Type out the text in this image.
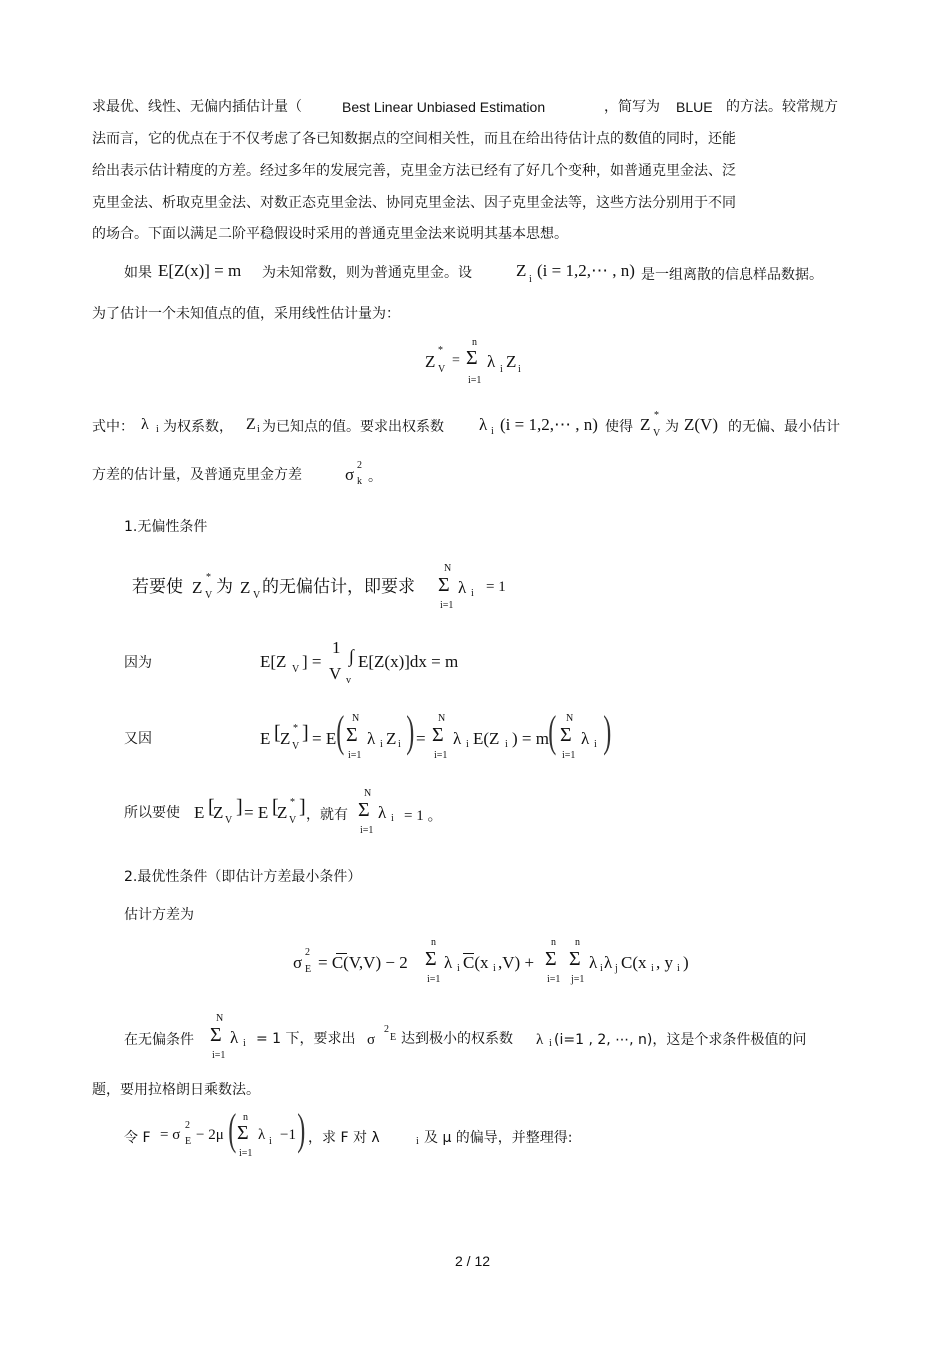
求最优、线性、无偏内插估计量（	Best Linear Unbiased Estimation	，简写为 BLUE 的方法。较常规方
法而言，它的优点在于不仅考虑了各已知数据点的空间相关性，而且在给出待估计点的数值的同时，还能
给出表示估计精度的方差。经过多年的发展完善，克里金方法已经有了好几个变种，如普通克里金法、泛
克里金法、析取克里金法、对数正态克里金法、协同克里金法、因子克里金法等，这些方法分别用于不同
的场合。下面以满足二阶平稳假设时采用的普通克里金法来说明其基本思想。
如果 E[Z(x)] = m 为未知常数，则为普通克里金。设	Z i (i = 1,2,⋯ , n) 是一组离散的信息样品数据。
为了估计一个未知值点的值，采用线性估计量为：
Z
*
V
=
n
Σ
i=1
λ i Z i
式中： λ i 为权系数， Z i 为已知点的值。要求出权系数 λ i (i = 1,2,⋯ , n) 使得 Z *
V 为 Z(V) 的无偏、最小估计
方差的估计量，及普通克里金方差	σ 2
k 。
1.无偏性条件
若要使 Z
*
V 为 Z V 的无偏估计，即要求
N
Σ
i=1
λ i = 1
因为	E[Z V ] =
1
V
∫
v
E[Z(x)]dx = m
又因	E [ Z
*
V
] = E ( N
Σ
i=1
λ i Z i ) =
N
Σ
i=1
λ i E(Z i ) = m ( N
Σ
i=1
λ i )
所以要使 E [
Z V
] = E [
Z
*
V
] ，就有
N
Σ
i=1
λ i = 1 。
2.最优性条件（即估计方差最小条件）
估计方差为
σ
2
E = C(V,V) − 2
n
Σ
i=1
λ i C(x i ,V) +
n
Σ
i=1
n
Σ
j=1
λ i λ j C(x i , y i )
在无偏条件
N
Σ
i=1
λ i = 1 下，要求出 σ
2
E 达到极小的权系数 λ i (i=1 , 2, ⋯, n)，这是个求条件极值的问
题，要用拉格朗日乘数法。
令 F = σ
2
E − 2μ ( n
Σ
i=1
λ i −1 ) ，求 F 对 λ	i 及 μ 的偏导，并整理得:
2 / 12
